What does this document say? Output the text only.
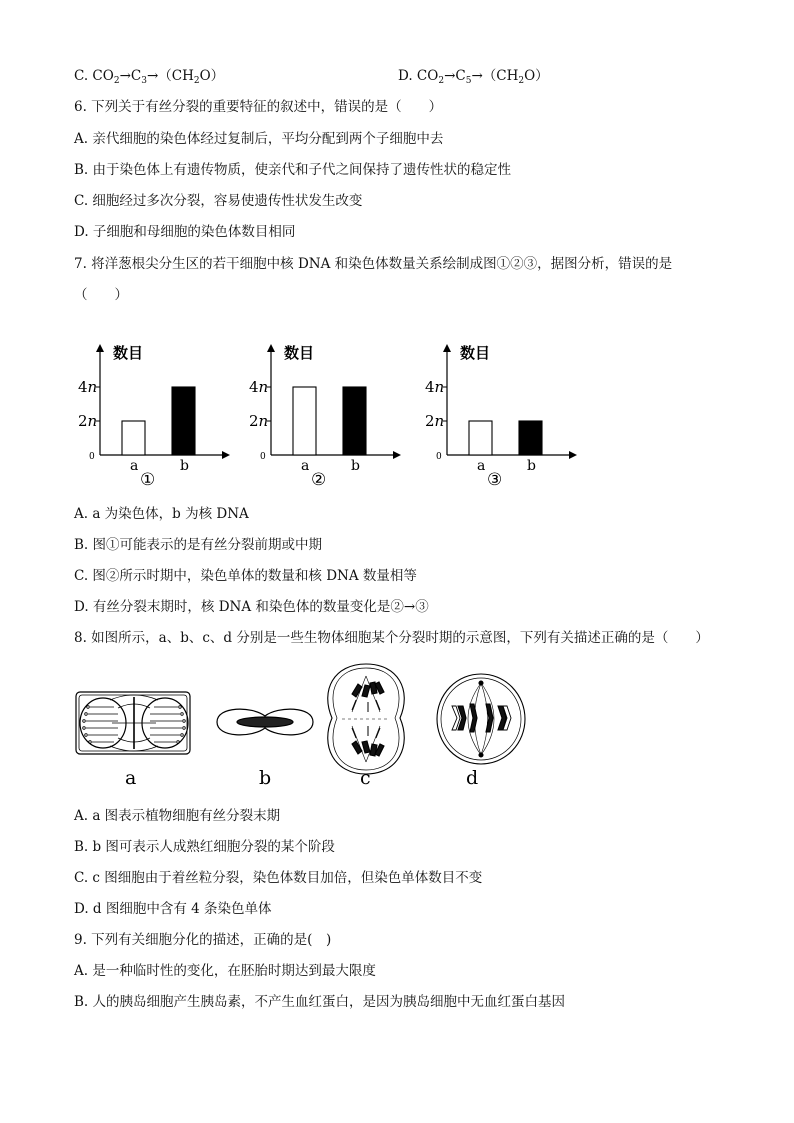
C. $CO_2\to C_3\to(CH_2O)$	D. $CO_2\to C_5\to(CH_2O)$
6. 下列关于有丝分裂的重要特征的叙述中，错误的是（　　）
A. 亲代细胞的染色体经过复制后，平均分配到两个子细胞中去
B. 由于染色体上有遗传物质，使亲代和子代之间保持了遗传性状的稳定性
C. 细胞经过多次分裂，容易使遗传性状发生改变
D. 子细胞和母细胞的染色体数目相同
7. 将洋葱根尖分生区的若干细胞中核 DNA 和染色体数量关系绘制成图①②③，据图分析，错误的是
（　　）
数目
4n
2n
0
a	b
①
数目
4n
2n
0
a	b
②
数目
4n
2n
0
a	b
③
A. a 为染色体，b 为核 DNA
B. 图①可能表示的是有丝分裂前期或中期
C. 图②所示时期中，染色单体的数量和核 DNA 数量相等
D. 有丝分裂末期时，核 DNA 和染色体的数量变化是②→③
8. 如图所示，a、b、c、d 分别是一些生物体细胞某个分裂时期的示意图，下列有关描述正确的是（　　）
a	b	c	d
A. a 图表示植物细胞有丝分裂末期
B. b 图可表示人成熟红细胞分裂的某个阶段
C. c 图细胞由于着丝粒分裂，染色体数目加倍，但染色单体数目不变
D. d 图细胞中含有 4 条染色单体
9. 下列有关细胞分化的描述，正确的是(　)
A. 是一种临时性的变化，在胚胎时期达到最大限度
B. 人的胰岛细胞产生胰岛素，不产生血红蛋白，是因为胰岛细胞中无血红蛋白基因
